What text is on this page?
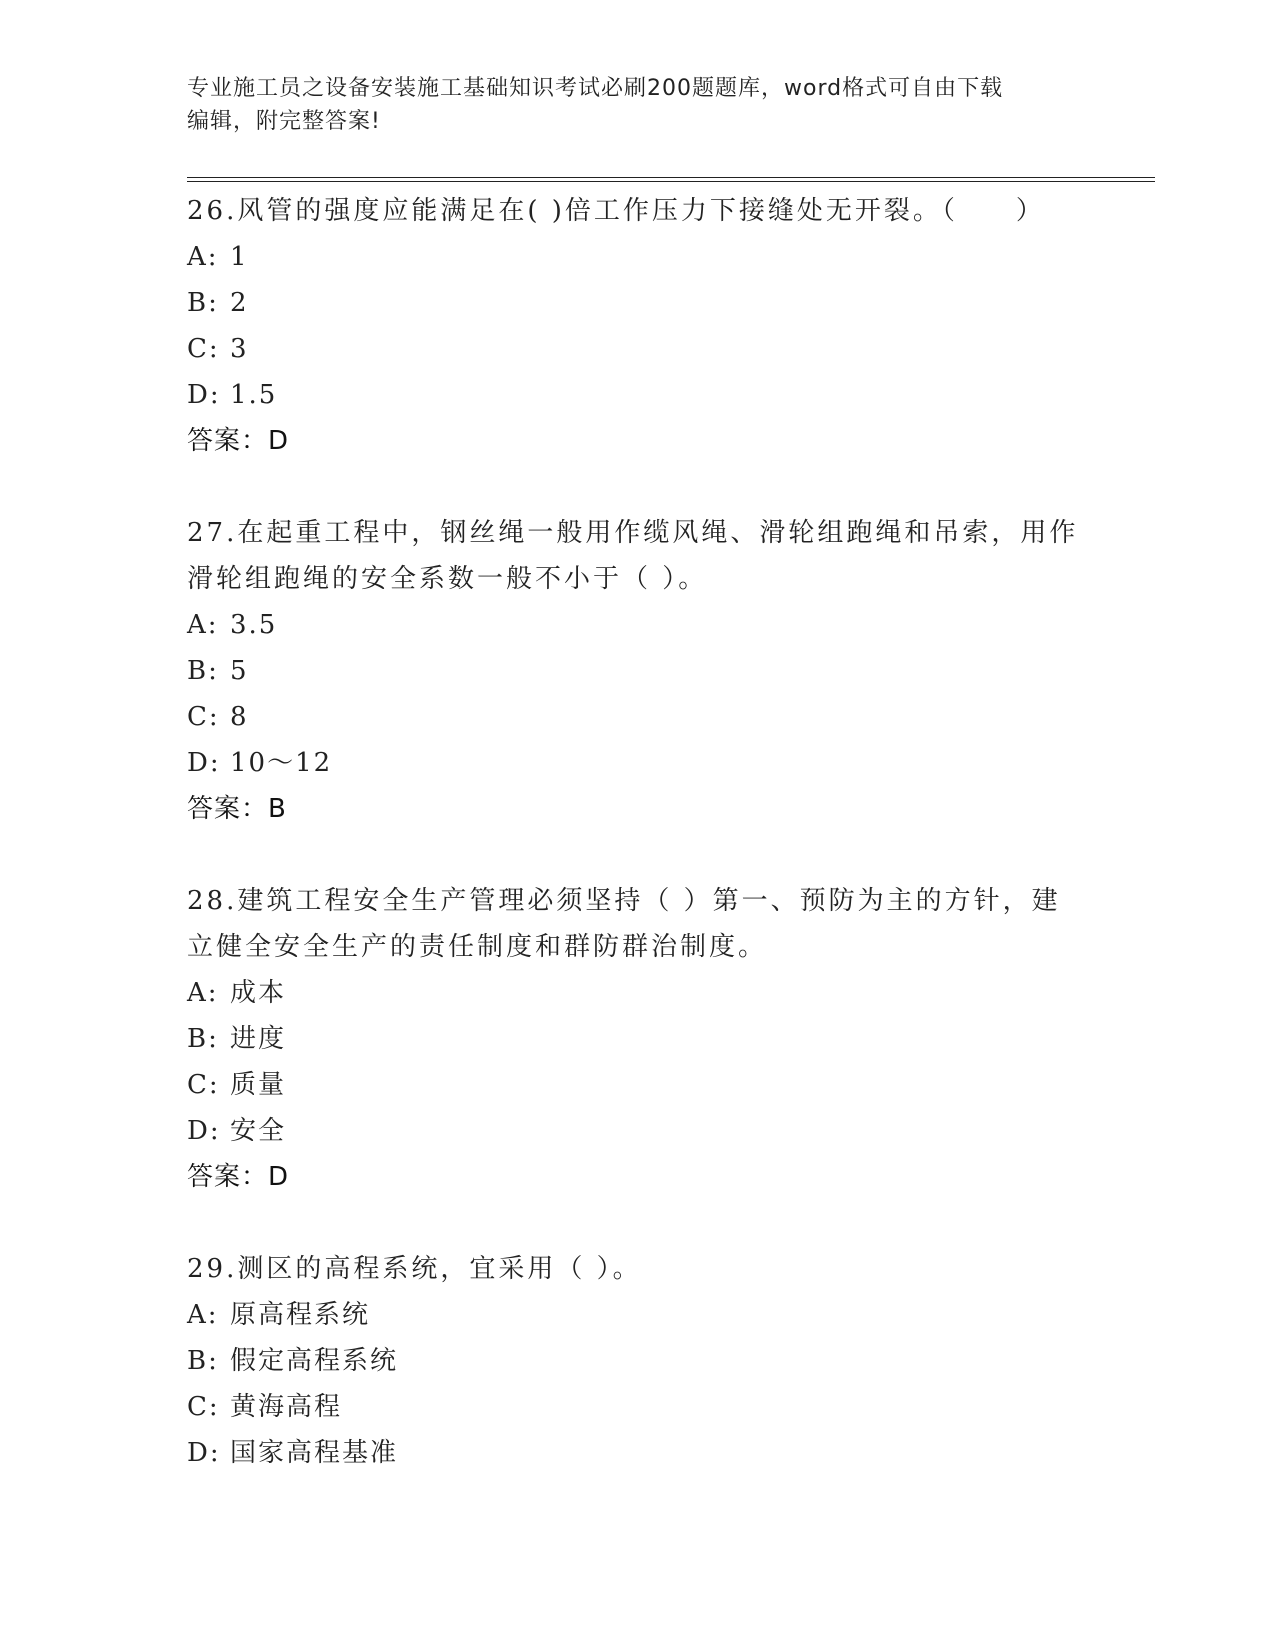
专业施工员之设备安装施工基础知识考试必刷200题题库，word格式可自由下载
编辑，附完整答案!

26.风管的强度应能满足在( )倍工作压力下接缝处无开裂。（　　）

A: 1

B: 2

C: 3

D: 1.5

答案：D

27.在起重工程中，钢丝绳一般用作缆风绳、滑轮组跑绳和吊索，用作

滑轮组跑绳的安全系数一般不小于（ ）。

A: 3.5

B: 5

C: 8

D: 10～12

答案：B

28.建筑工程安全生产管理必须坚持（ ）第一、预防为主的方针，建

立健全安全生产的责任制度和群防群治制度。

A: 成本

B: 进度

C: 质量

D: 安全

答案：D

29.测区的高程系统，宜采用（ ）。

A: 原高程系统

B: 假定高程系统

C: 黄海高程

D: 国家高程基准
